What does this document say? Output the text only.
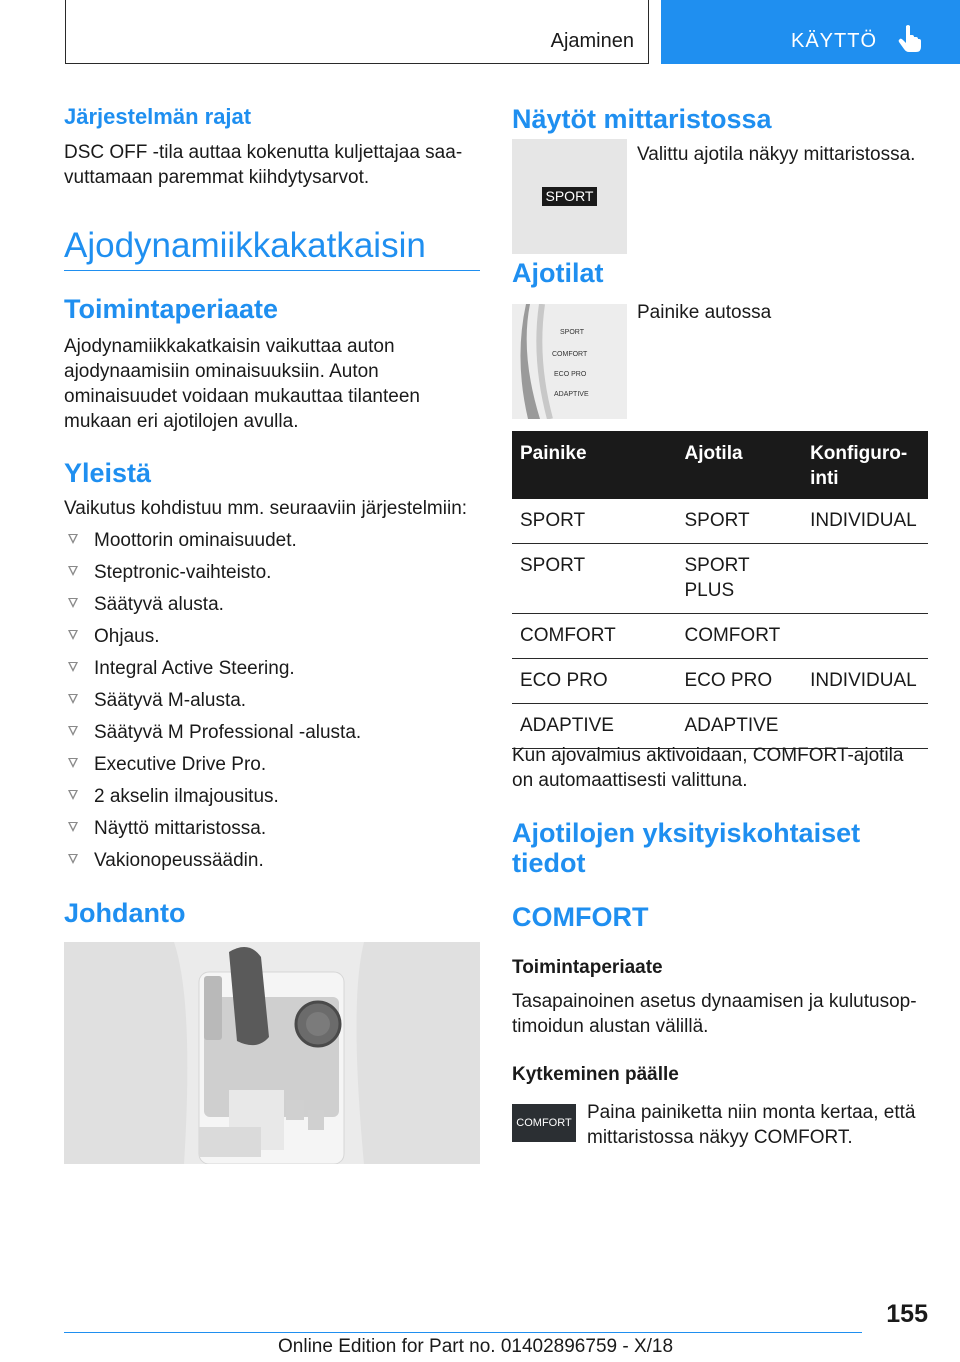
Ajaminen	KÄYTTÖ
Järjestelmän rajat

DSC OFF -tila auttaa kokenutta kuljettajaa saavuttamaan paremmat kiihdytysarvot.

Ajodynamiikkakatkaisin
Toimintaperiaate

Ajodynamiikkakatkaisin vaikuttaa auton ajodynaamisiin ominaisuuksiin. Auton ominaisuudet voidaan mukauttaa tilanteen mukaan eri ajotilojen avulla.

Yleistä

Vaikutus kohdistuu mm. seuraaviin järjestelmiin:

Moottorin ominaisuudet.
Steptronic-vaihteisto.
Säätyvä alusta.
Ohjaus.
Integral Active Steering.
Säätyvä M-alusta.
Säätyvä M Professional -alusta.
Executive Drive Pro.
2 akselin ilmajousitus.
Näyttö mittaristossa.
Vakionopeussäädin.
Johdanto
Näytöt mittaristossa
SPORT

Valittu ajotila näkyy mittaristossa.

Ajotilat
SPORT
COMFORT
ECO PRO
ADAPTIVE

Painike autossa

Painike	Ajotila	Konfigurointi
SPORT	SPORT	INDIVIDUAL
SPORT	SPORT PLUS	
COMFORT	COMFORT	
ECO PRO	ECO PRO	INDIVIDUAL
ADAPTIVE	ADAPTIVE	

Kun ajovalmius aktivoidaan, COMFORT-ajotila on automaattisesti valittuna.

Ajotilojen yksityiskohtaiset tiedot
COMFORT
Toimintaperiaate

Tasapainoinen asetus dynaamisen ja kulutusoptimoidun alustan välillä.

Kytkeminen päälle
COMFORT Paina painiketta niin monta kertaa, että mittaristossa näkyy COMFORT.

155
Online Edition for Part no. 01402896759 - X/18
